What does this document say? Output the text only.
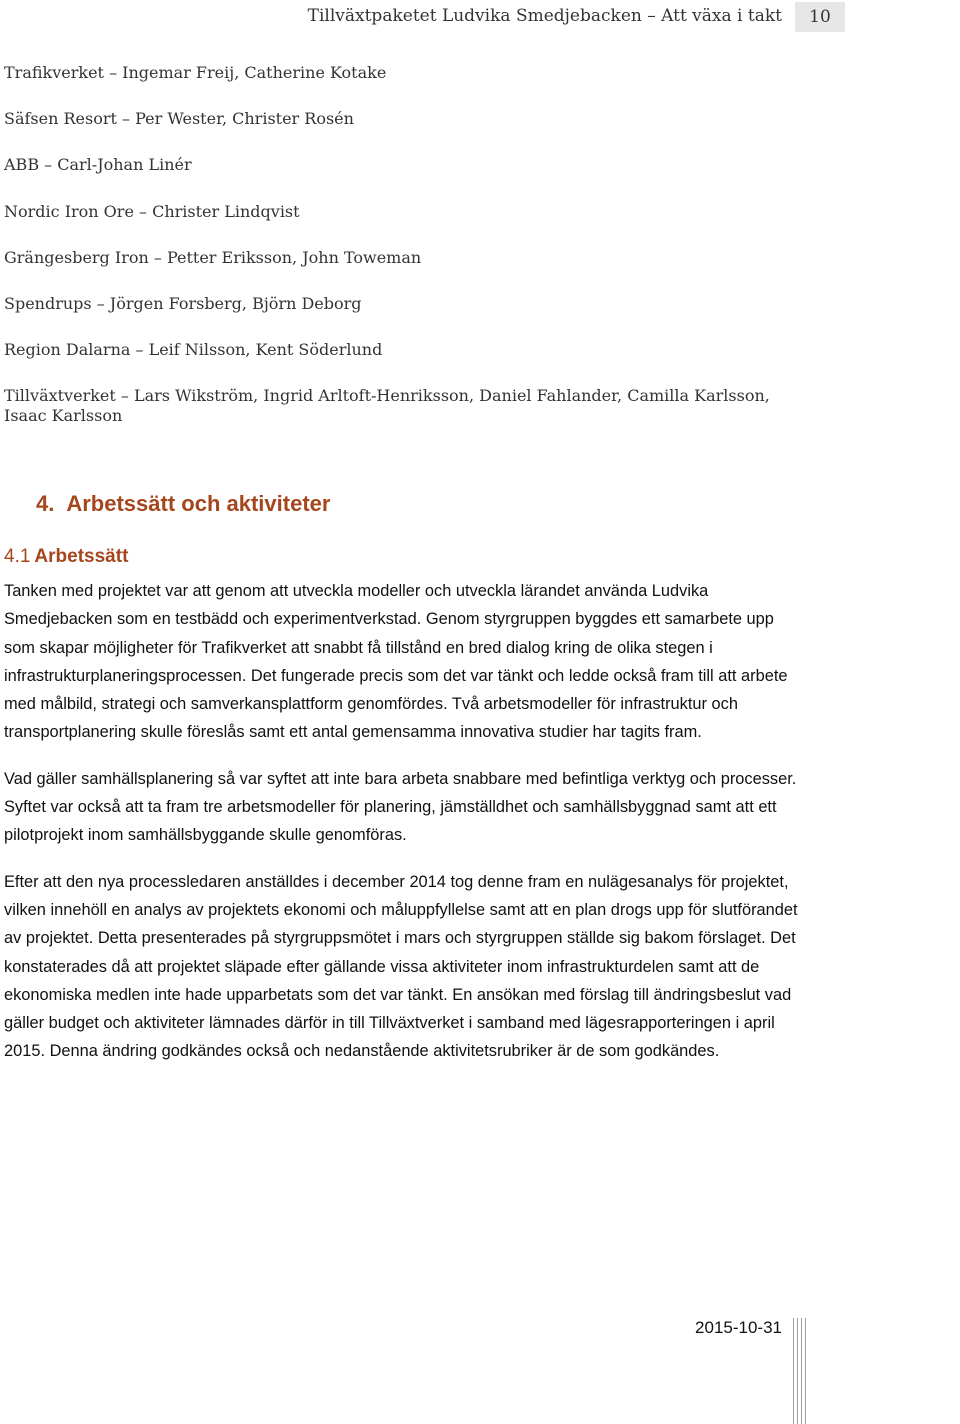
Tillväxtpaketet Ludvika Smedjebacken – Att växa i takt	10
Trafikverket – Ingemar Freij, Catherine Kotake
Säfsen Resort – Per Wester, Christer Rosén
ABB – Carl-Johan Linér
Nordic Iron Ore – Christer Lindqvist
Grängesberg Iron – Petter Eriksson, John Toweman
Spendrups – Jörgen Forsberg, Björn Deborg
Region Dalarna – Leif Nilsson, Kent Söderlund
Tillväxtverket – Lars Wikström, Ingrid Arltoft-Henriksson, Daniel Fahlander, Camilla Karlsson,
Isaac Karlsson
4. Arbetssätt och aktiviteter
4.1 Arbetssätt

Tanken med projektet var att genom att utveckla modeller och utveckla lärandet använda Ludvika Smedjebacken som en testbädd och experimentverkstad. Genom styrgruppen byggdes ett samarbete upp som skapar möjligheter för Trafikverket att snabbt få tillstånd en bred dialog kring de olika stegen i infrastrukturplaneringsprocessen. Det fungerade precis som det var tänkt och ledde också fram till att arbete med målbild, strategi och samverkansplattform genomfördes. Två arbetsmodeller för infrastruktur och transportplanering skulle föreslås samt ett antal gemensamma innovativa studier har tagits fram.

Vad gäller samhällsplanering så var syftet att inte bara arbeta snabbare med befintliga verktyg och processer. Syftet var också att ta fram tre arbetsmodeller för planering, jämställdhet och samhällsbyggnad samt att ett pilotprojekt inom samhällsbyggande skulle genomföras.

Efter att den nya processledaren anställdes i december 2014 tog denne fram en nulägesanalys för projektet, vilken innehöll en analys av projektets ekonomi och måluppfyllelse samt att en plan drogs upp för slutförandet av projektet. Detta presenterades på styrgruppsmötet i mars och styrgruppen ställde sig bakom förslaget. Det konstaterades då att projektet släpade efter gällande vissa aktiviteter inom infrastrukturdelen samt att de ekonomiska medlen inte hade upparbetats som det var tänkt. En ansökan med förslag till ändringsbeslut vad gäller budget och aktiviteter lämnades därför in till Tillväxtverket i samband med lägesrapporteringen i april 2015. Denna ändring godkändes också och nedanstående aktivitetsrubriker är de som godkändes.

2015-10-31
